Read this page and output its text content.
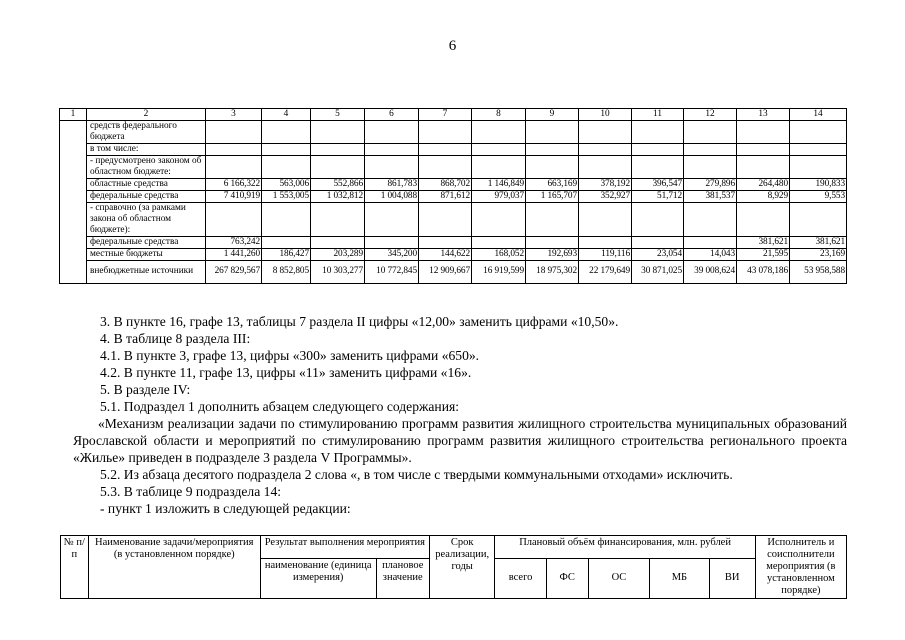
6
1	2	3	4	5	6	7	8	9	10	11	12	13	14
	средств федерального бюджета												
	в том числе:												
	- предусмотрено законом об областном бюджете:												
	областные средства	6 166,322	563,006	552,866	861,783	868,702	1 146,849	663,169	378,192	396,547	279,896	264,480	190,833
	федеральные средства	7 410,919	1 553,005	1 032,812	1 004,088	871,612	979,037	1 165,707	352,927	51,712	381,537	8,929	9,553
	- справочно (за рамками закона об областном бюджете):												
	федеральные средства	763,242										381,621	381,621
	местные бюджеты	1 441,260	186,427	203,289	345,200	144,622	168,052	192,693	119,116	23,054	14,043	21,595	23,169
	внебюджетные источники	267 829,567	8 852,805	10 303,277	10 772,845	12 909,667	16 919,599	18 975,302	22 179,649	30 871,025	39 008,624	43 078,186	53 958,588

3. В пункте 16, графе 13, таблицы 7 раздела II цифры «12,00» заменить цифрами «10,50».

4. В таблице 8 раздела III:

4.1. В пункте 3, графе 13, цифры «300» заменить цифрами «650».

4.2. В пункте 11, графе 13, цифры «11» заменить цифрами «16».

5. В разделе IV:

5.1. Подраздел 1 дополнить абзацем следующего содержания:

«Механизм реализации задачи по стимулированию программ развития жилищного строительства муниципальных образований Ярославской области и мероприятий по стимулированию программ развития жилищного строительства регионального проекта «Жилье» приведен в подразделе 3 раздела V Программы».

5.2. Из абзаца десятого подраздела 2 слова «, в том числе с твердыми коммунальными отходами» исключить.

5.3. В таблице 9 подраздела 14:

- пункт 1 изложить в следующей редакции:

№ п/п	Наименование задачи/мероприятия (в установленном порядке)	Результат выполнения мероприятия		Срок реализации, годы	Плановый объём финансирования, млн. рублей					Исполнитель и соисполнители мероприятия (в установленном порядке)
		наименование (единица измерения)	плановое значение		всего	ФС	ОС	МБ	ВИ	
